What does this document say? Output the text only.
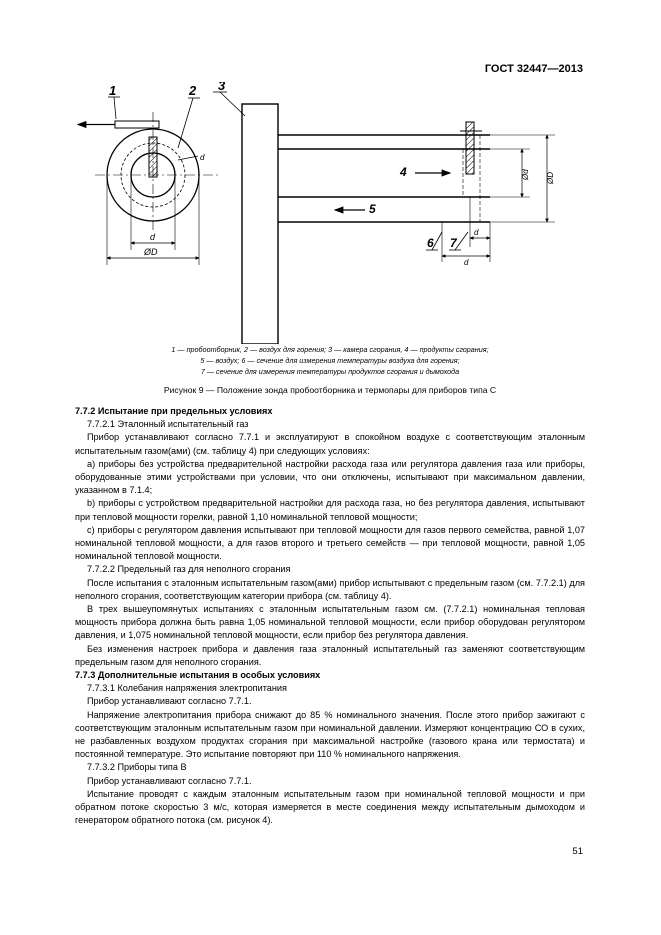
ГОСТ 32447—2013
1	2
d
ØD
d
3
4
5
6 7
d
d
Ød ØD
1 — пробоотборник, 2 — воздух для горения; 3 — камера сгорания, 4 — продукты сгорания;
5 — воздух; 6 — сечение для измерения температуры воздуха для горения;
7 — сечение для измерения температуры продуктов сгорания и дымохода
Рисунок 9 — Положение зонда пробоотборника и термопары для приборов типа С

7.7.2 Испытание при предельных условиях

7.7.2.1 Эталонный испытательный газ

Прибор устанавливают согласно 7.7.1 и эксплуатируют в спокойном воздухе с соответствующим эталонным испытательным газом(ами) (см. таблицу 4) при следующих условиях:

а) приборы без устройства предварительной настройки расхода газа или регулятора давления газа или приборы, оборудованные этими устройствами при условии, что они отключены, испытывают при максимальном давлении, указанном в 7.1.4;

b) приборы с устройством предварительной настройки для расхода газа, но без регулятора давления, испытывают при тепловой мощности горелки, равной 1,10 номинальной тепловой мощности;

с) приборы с регулятором давления испытывают при тепловой мощности для газов первого семейства, равной 1,07 номинальной тепловой мощности, а для газов второго и третьего семейств — при тепловой мощности, равной 1,05 номинальной тепловой мощности.

7.7.2.2 Предельный газ для неполного сгорания

После испытания с эталонным испытательным газом(ами) прибор испытывают с предельным газом (см. 7.7.2.1) для неполного сгорания, соответствующим категории прибора (см. таблицу 4).

В трех вышеупомянутых испытаниях с эталонным испытательным газом см. (7.7.2.1) номинальная тепловая мощность прибора должна быть равна 1,05 номинальной тепловой мощности, если прибор оборудован регулятором давления, и 1,075 номинальной тепловой мощности, если прибор без регулятора давления.

Без изменения настроек прибора и давления газа эталонный испытательный газ заменяют соответствующим предельным газом для неполного сгорания.

7.7.3 Дополнительные испытания в особых условиях

7.7.3.1 Колебания напряжения электропитания

Прибор устанавливают согласно 7.7.1.

Напряжение электропитания прибора снижают до 85 % номинального значения. После этого прибор зажигают с соответствующим эталонным испытательным газом при номинальной давлении. Измеряют концентрацию СО в сухих, не разбавленных воздухом продуктах сгорания при максимальной настройке (газового крана или термостата) и постоянной температуре. Это испытание повторяют при 110 % номинального напряжения.

7.7.3.2 Приборы типа В

Прибор устанавливают согласно 7.7.1.

Испытание проводят с каждым эталонным испытательным газом при номинальной тепловой мощности и при обратном потоке скоростью 3 м/с, которая измеряется в месте соединения между испытательным дымоходом и генератором обратного потока (см. рисунок 4).

51
